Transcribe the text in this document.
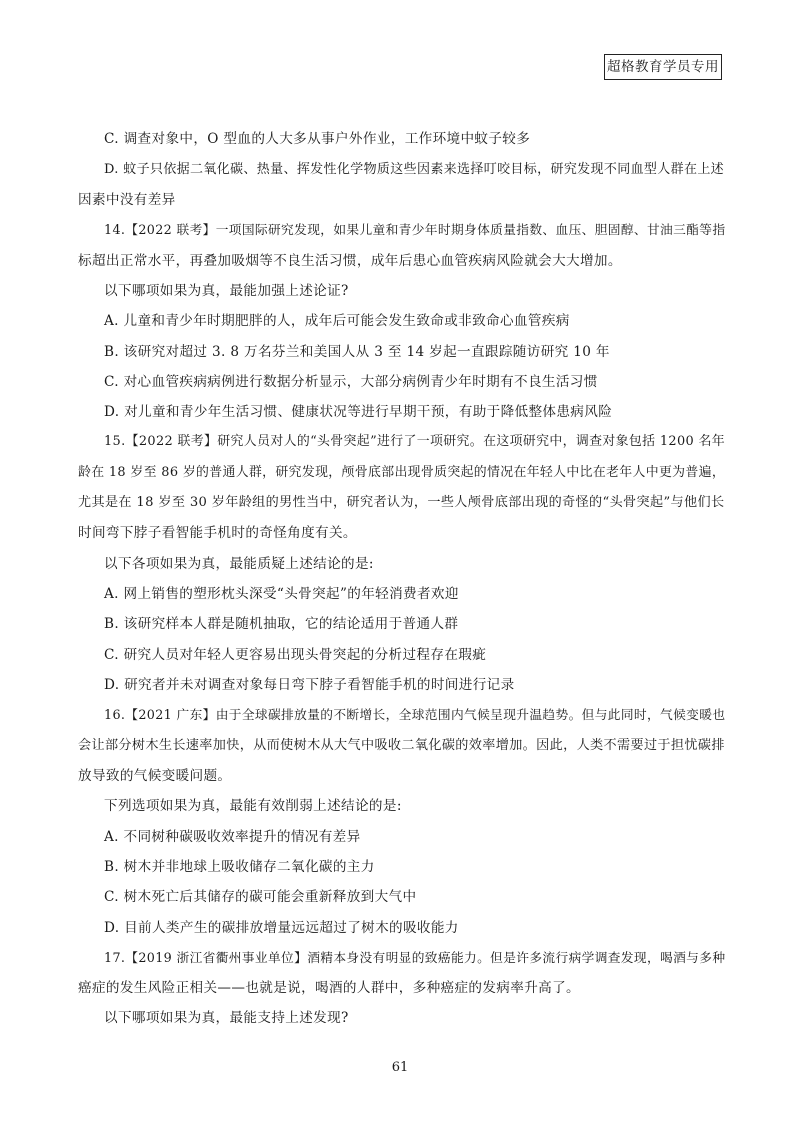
超格教育学员专用
C. 调查对象中，O 型血的人大多从事户外作业，工作环境中蚊子较多
D. 蚊子只依据二氧化碳、热量、挥发性化学物质这些因素来选择叮咬目标，研究发现不同血型人群在上述
因素中没有差异
14.【2022 联考】一项国际研究发现，如果儿童和青少年时期身体质量指数、血压、胆固醇、甘油三酯等指
标超出正常水平，再叠加吸烟等不良生活习惯，成年后患心血管疾病风险就会大大增加。
以下哪项如果为真，最能加强上述论证?
A. 儿童和青少年时期肥胖的人，成年后可能会发生致命或非致命心血管疾病
B. 该研究对超过 3. 8 万名芬兰和美国人从 3 至 14 岁起一直跟踪随访研究 10 年
C. 对心血管疾病病例进行数据分析显示，大部分病例青少年时期有不良生活习惯
D. 对儿童和青少年生活习惯、健康状况等进行早期干预，有助于降低整体患病风险
15.【2022 联考】研究人员对人的“头骨突起”进行了一项研究。在这项研究中，调查对象包括 1200 名年
龄在 18 岁至 86 岁的普通人群，研究发现，颅骨底部出现骨质突起的情况在年轻人中比在老年人中更为普遍，
尤其是在 18 岁至 30 岁年龄组的男性当中，研究者认为，一些人颅骨底部出现的奇怪的“头骨突起”与他们长
时间弯下脖子看智能手机时的奇怪角度有关。
以下各项如果为真，最能质疑上述结论的是:
A. 网上销售的塑形枕头深受“头骨突起”的年轻消费者欢迎
B. 该研究样本人群是随机抽取，它的结论适用于普通人群
C. 研究人员对年轻人更容易出现头骨突起的分析过程存在瑕疵
D. 研究者并未对调查对象每日弯下脖子看智能手机的时间进行记录
16.【2021 广东】由于全球碳排放量的不断增长，全球范围内气候呈现升温趋势。但与此同时，气候变暖也
会让部分树木生长速率加快，从而使树木从大气中吸收二氧化碳的效率增加。因此，人类不需要过于担忧碳排
放导致的气候变暖问题。
下列选项如果为真，最能有效削弱上述结论的是:
A. 不同树种碳吸收效率提升的情况有差异
B. 树木并非地球上吸收储存二氧化碳的主力
C. 树木死亡后其储存的碳可能会重新释放到大气中
D. 目前人类产生的碳排放增量远远超过了树木的吸收能力
17.【2019 浙江省衢州事业单位】酒精本身没有明显的致癌能力。但是许多流行病学调查发现，喝酒与多种
癌症的发生风险正相关——也就是说，喝酒的人群中，多种癌症的发病率升高了。
以下哪项如果为真，最能支持上述发现?
61
